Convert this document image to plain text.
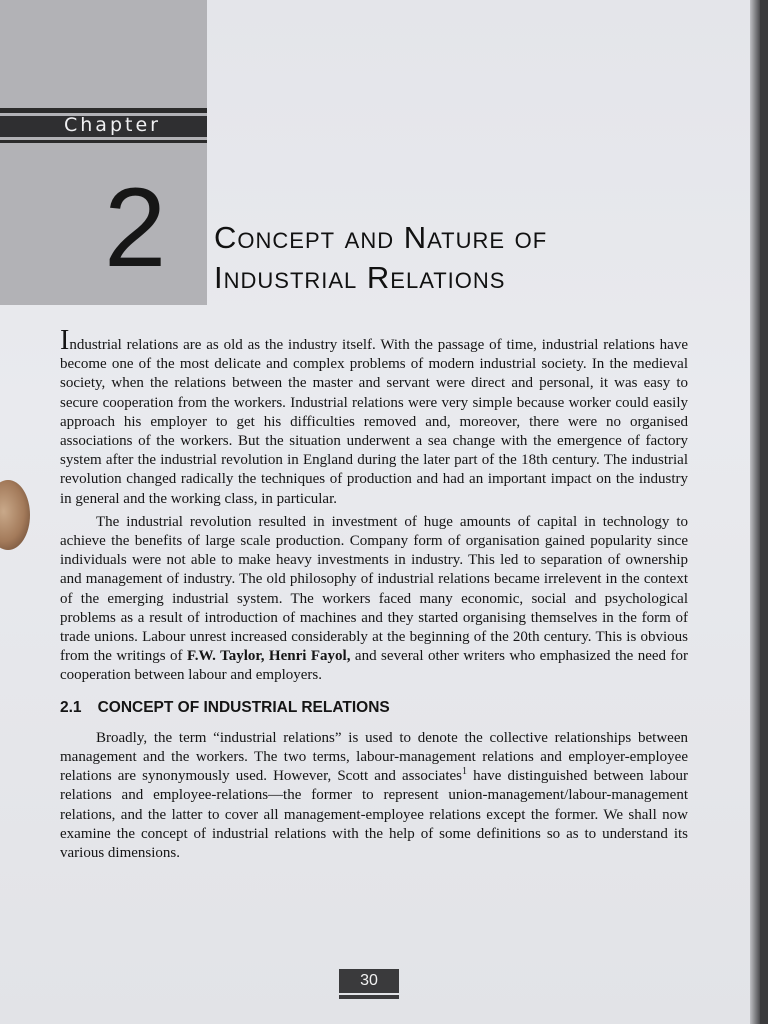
Chapter
2 Concept and Nature of
Industrial Relations

Industrial relations are as old as the industry itself. With the passage of time, industrial relations have become one of the most delicate and complex problems of modern industrial society. In the medieval society, when the relations between the master and servant were direct and personal, it was easy to secure cooperation from the workers. Industrial relations were very simple because worker could easily approach his employer to get his difficulties removed and, moreover, there were no organised associations of the workers. But the situation underwent a sea change with the emergence of factory system after the industrial revolution in England during the later part of the 18th century. The industrial revolution changed radically the techniques of production and had an important impact on the industry in general and the working class, in particular.

The industrial revolution resulted in investment of huge amounts of capital in technology to achieve the benefits of large scale production. Company form of organisation gained popularity since individuals were not able to make heavy investments in industry. This led to separation of ownership and management of industry. The old philosophy of industrial relations became irrelevent in the context of the emerging industrial system. The workers faced many economic, social and psychological problems as a result of introduction of machines and they started organising themselves in the form of trade unions. Labour unrest increased considerably at the beginning of the 20th century. This is obvious from the writings of F.W. Taylor, Henri Fayol, and several other writers who emphasized the need for cooperation between labour and employers.

2.1 CONCEPT OF INDUSTRIAL RELATIONS

Broadly, the term “industrial relations” is used to denote the collective relationships between management and the workers. The two terms, labour-management relations and employer-employee relations are synonymously used. However, Scott and associates$^1$ have distinguished between labour relations and employee-relations—the former to represent union-management/labour-management relations, and the latter to cover all management-employee relations except the former. We shall now examine the concept of industrial relations with the help of some definitions so as to understand its various dimensions.

30
